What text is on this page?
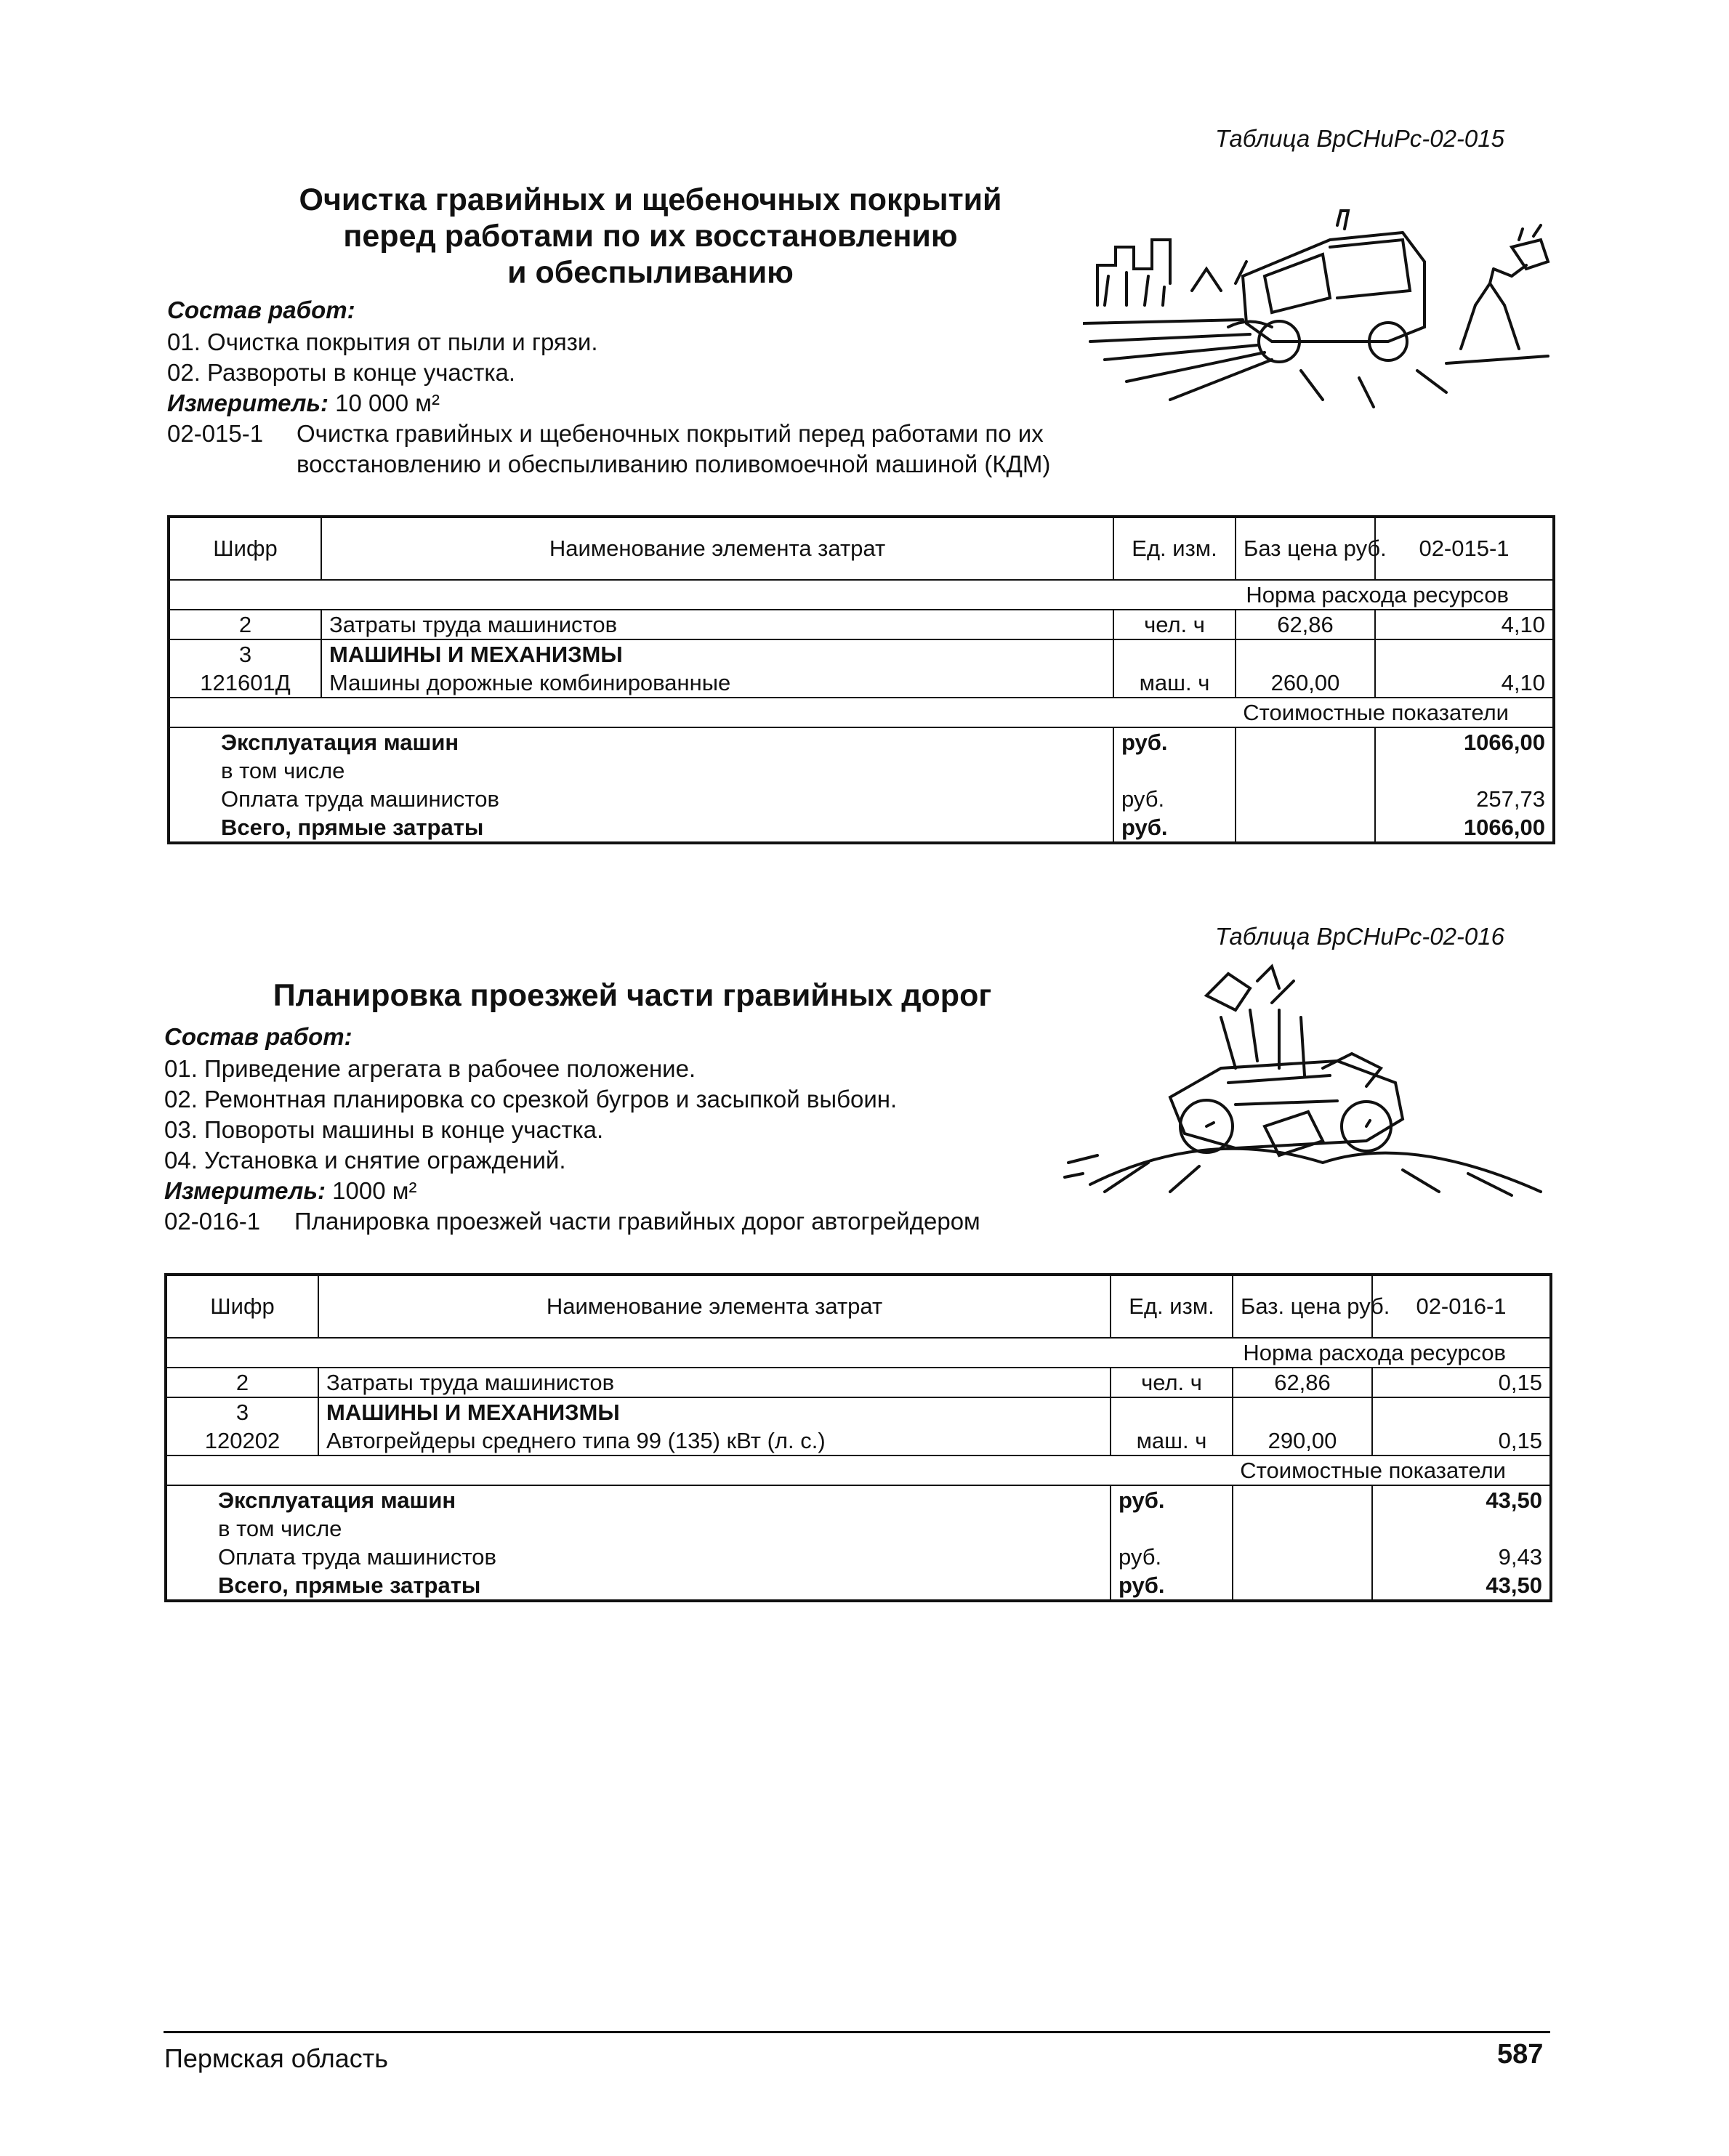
Таблица ВрСНиРс-02-015
Очистка гравийных и щебеночных покрытий
перед работами по их восстановлению
и обеспыливанию
Состав работ:
01. Очистка покрытия от пыли и грязи.
02. Развороты в конце участка.
Измеритель: 10 000 м²
02-015-1 Очистка гравийных и щебеночных покрытий перед работами по их
восстановлению и обеспыливанию поливомоечной машиной (КДМ)
Шифр	Наименование элемента затрат	Ед. изм.	Баз цена руб.	02-015-1
Норма расхода ресурсов				
2	Затраты труда машинистов	чел. ч	62,86	4,10
3	МАШИНЫ И МЕХАНИЗМЫ			
121601Д	Машины дорожные комбинированные	маш. ч	260,00	4,10
Стоимостные показатели				
Эксплуатация машин		руб.		1066,00
в том числе				
Оплата труда машинистов		руб.		257,73
Всего, прямые затраты		руб.		1066,00
Таблица ВрСНиРс-02-016
Планировка проезжей части гравийных дорог
Состав работ:
01. Приведение агрегата в рабочее положение.
02. Ремонтная планировка со срезкой бугров и засыпкой выбоин.
03. Повороты машины в конце участка.
04. Установка и снятие ограждений.
Измеритель: 1000 м²
02-016-1 Планировка проезжей части гравийных дорог автогрейдером
Шифр	Наименование элемента затрат	Ед. изм.	Баз. цена руб.	02-016-1
Норма расхода ресурсов				
2	Затраты труда машинистов	чел. ч	62,86	0,15
3	МАШИНЫ И МЕХАНИЗМЫ			
120202	Автогрейдеры среднего типа 99 (135) кВт (л. с.)	маш. ч	290,00	0,15
Стоимостные показатели				
Эксплуатация машин		руб.		43,50
в том числе				
Оплата труда машинистов		руб.		9,43
Всего, прямые затраты		руб.		43,50
Пермская область	587
